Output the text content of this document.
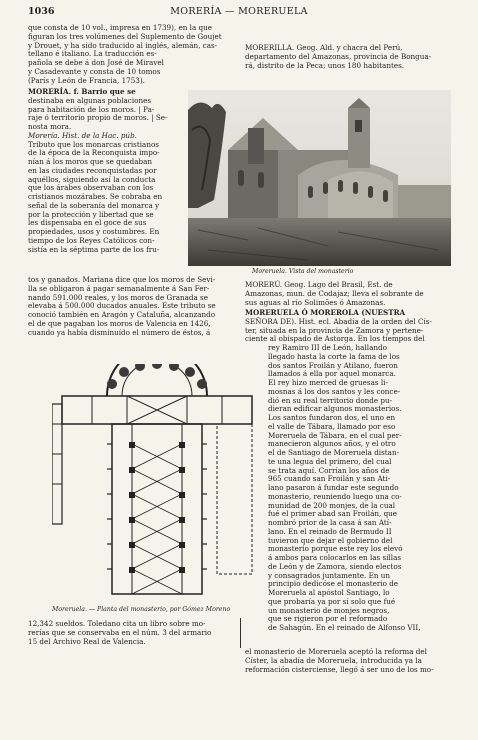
1036	MORERÍA — MORERUELA

que consta de 10 vol., impresa en 1739), en la que

figuran los tres volúmenes del Suplemento de Goujet

y Drouet, y ha sido traducido al inglés, alemán, cas-

tellano é italiano. La traducción es-

pañola se debe á don José de Miravel

y Casadevante y consta de 10 tomos

(París y León de Francia, 1753).

MORERÍA. f. Barrio que se

destinaba en algunas poblaciones

para habitación de los moros. | Pa-

raje ó territorio propio de moros. | Se-

nosta mora.

Morería. Hist. de la Hac. púb.

Tributo que los monarcas cristianos

de la época de la Reconquista impo-

nían á los moros que se quedaban

en las ciudades reconquistadas por

aquéllos, siguiendo así la conducta

que los árabes observaban con los

cristianos mozárabes. Se cobraba en

señal de la soberanía del monarca y

por la protección y libertad que se

les dispensaba en el goce de sus

propiedades, usos y costumbres. En

tiempo de los Reyes Católicos con-

sistía en la séptima parte de los fru-

tos y ganados. Mariana dice que los moros de Sevi-

lla se obligaron á pagar semanalmente á San Fer-

nando 591.000 reales, y los moros de Granada se

elevaba á 500.000 ducados anuales. Este tributo se

conoció también en Aragón y Cataluña, alcanzando

el de que pagaban los moros de Valencia en 1426,

cuando ya había disminuído el número de éstos, á

MORERILLA. Geog. Ald. y chacra del Perú,

departamento del Amazonas, provincia de Bongua-

rá, distrito de la Peca; unos 180 habitantes.

Moreruela. Vista del monasterio

MORERÚ. Geog. Lago del Brasil, Est. de

Amazonas, mun. de Codajaz; lleva el sobrante de

sus aguas al río Solimões ó Amazonas.

MORERUELA Ó MOREROLA (NUESTRA

SEÑORA DE). Hist. ecl. Abadía de la orden del Cís-

ter, situada en la provincia de Zamora y pertene-

ciente al obispado de Astorga. En los tiempos del

rey Ramiro III de León, hallando

llegado hasta la corte la fama de los

dos santos Froilán y Atilano, fueron

llamados á ella por aquel monarca.

El rey hizo merced de gruesas li-

mosnas á los dos santos y les conce-

dió en su real territorio donde pu-

dieran edificar algunos monasterios.

Los santos fundaron dos, el uno en

el valle de Tábara, llamado por eso

Moreruela de Tábara, en el cual per-

manecieron algunos años, y el otro

el de Santiago de Moreruela distan-

te una legua del primero, del cual

se trata aquí. Corrían los años de

965 cuando san Froilán y san Ati-

lano pasaron á fundar este segundo

monasterio, reuniendo luego una co-

munidad de 200 monjes, de la cual

fué el primer abad san Froilán, que

nombró prior de la casa á san Atí-

lano. En el reinado de Bermudo II

tuvieron que dejar el gobierno del

monasterio porque este rey los elevó

á ambos para colocarlos en las sillas

de León y de Zamora, siendo electos

y consagrados juntamente. En un

principio dedicóse el monasterio de

Moreruela al apóstol Santiago, lo

que probaría ya por sí solo que fué

un monasterio de monjes negros,

que se rigieron por el reformado

de Sahagún. En el reinado de Alfonso VII,

el monasterio de Moreruela aceptó la reforma del

Císter, la abadía de Moreruela, introducida ya la

reformación cisterciense, llegó á ser uno de los mo-

Moreruela. — Planta del monasterio, por Gómez Moreno

12,342 sueldos. Toledano cita un libro sobre mo-

rerías que se conservaba en el núm. 3 del armario

15 del Archivo Real de Valencia.
